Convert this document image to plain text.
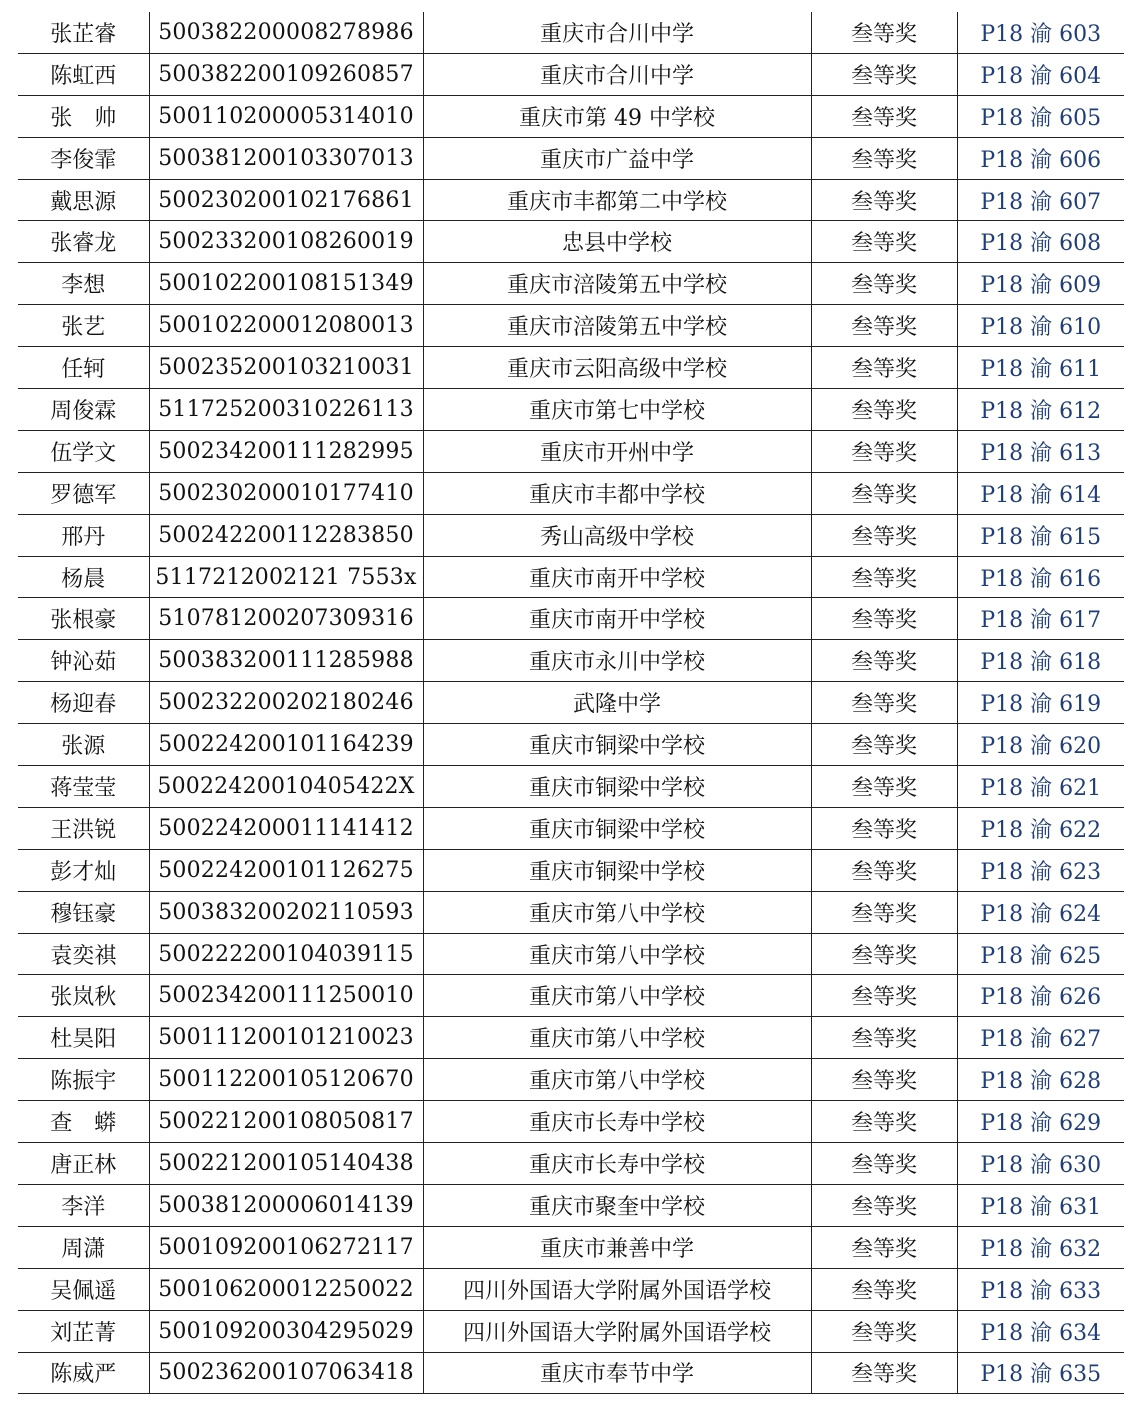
张芷睿	500382200008278986	重庆市合川中学	叁等奖	P18 渝 603
陈虹西	500382200109260857	重庆市合川中学	叁等奖	P18 渝 604
张　帅	500110200005314010	重庆市第 49 中学校	叁等奖	P18 渝 605
李俊霏	500381200103307013	重庆市广益中学	叁等奖	P18 渝 606
戴思源	500230200102176861	重庆市丰都第二中学校	叁等奖	P18 渝 607
张睿龙	500233200108260019	忠县中学校	叁等奖	P18 渝 608
李想	500102200108151349	重庆市涪陵第五中学校	叁等奖	P18 渝 609
张艺	500102200012080013	重庆市涪陵第五中学校	叁等奖	P18 渝 610
任轲	500235200103210031	重庆市云阳高级中学校	叁等奖	P18 渝 611
周俊霖	511725200310226113	重庆市第七中学校	叁等奖	P18 渝 612
伍学文	500234200111282995	重庆市开州中学	叁等奖	P18 渝 613
罗德军	500230200010177410	重庆市丰都中学校	叁等奖	P18 渝 614
邢丹	500242200112283850	秀山高级中学校	叁等奖	P18 渝 615
杨晨	5117212002121 7553x	重庆市南开中学校	叁等奖	P18 渝 616
张根豪	510781200207309316	重庆市南开中学校	叁等奖	P18 渝 617
钟沁茹	500383200111285988	重庆市永川中学校	叁等奖	P18 渝 618
杨迎春	500232200202180246	武隆中学	叁等奖	P18 渝 619
张源	500224200101164239	重庆市铜梁中学校	叁等奖	P18 渝 620
蒋莹莹	50022420010405422X	重庆市铜梁中学校	叁等奖	P18 渝 621
王洪锐	500224200011141412	重庆市铜梁中学校	叁等奖	P18 渝 622
彭才灿	500224200101126275	重庆市铜梁中学校	叁等奖	P18 渝 623
穆钰豪	500383200202110593	重庆市第八中学校	叁等奖	P18 渝 624
袁奕祺	500222200104039115	重庆市第八中学校	叁等奖	P18 渝 625
张岚秋	500234200111250010	重庆市第八中学校	叁等奖	P18 渝 626
杜昊阳	500111200101210023	重庆市第八中学校	叁等奖	P18 渝 627
陈振宇	500112200105120670	重庆市第八中学校	叁等奖	P18 渝 628
查　蟒	500221200108050817	重庆市长寿中学校	叁等奖	P18 渝 629
唐正林	500221200105140438	重庆市长寿中学校	叁等奖	P18 渝 630
李洋	500381200006014139	重庆市聚奎中学校	叁等奖	P18 渝 631
周潇	500109200106272117	重庆市兼善中学	叁等奖	P18 渝 632
吴佩遥	500106200012250022	四川外国语大学附属外国语学校	叁等奖	P18 渝 633
刘芷菁	500109200304295029	四川外国语大学附属外国语学校	叁等奖	P18 渝 634
陈威严	500236200107063418	重庆市奉节中学	叁等奖	P18 渝 635
